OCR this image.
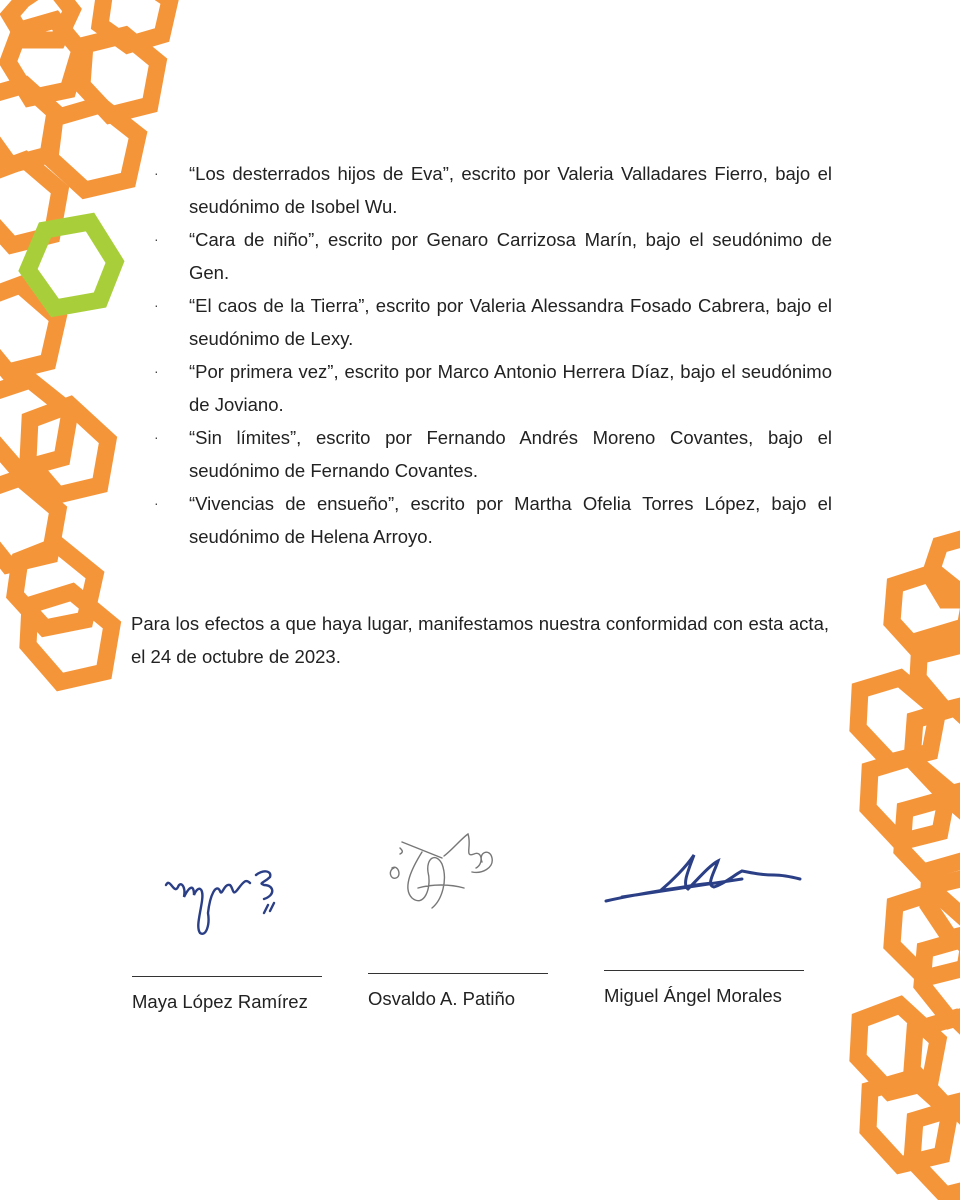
· “Los desterrados hijos de Eva”, escrito por Valeria Valladares Fierro, bajo el seudónimo de Isobel Wu.
· “Cara de niño”, escrito por Genaro Carrizosa Marín, bajo el seudónimo de Gen.
· “El caos de la Tierra”, escrito por Valeria Alessandra Fosado Cabrera, bajo el seudónimo de Lexy.
· “Por primera vez”, escrito por Marco Antonio Herrera Díaz, bajo el seudónimo de Joviano.
· “Sin límites”, escrito por Fernando Andrés Moreno Covantes, bajo el seudónimo de Fernando Covantes.
· “Vivencias de ensueño”, escrito por Martha Ofelia Torres López, bajo el seudónimo de Helena Arroyo.

Para los efectos a que haya lugar, manifestamos nuestra conformidad con esta acta, el 24 de octubre de 2023.

Maya López Ramírez	Osvaldo A. Patiño	Miguel Ángel Morales
